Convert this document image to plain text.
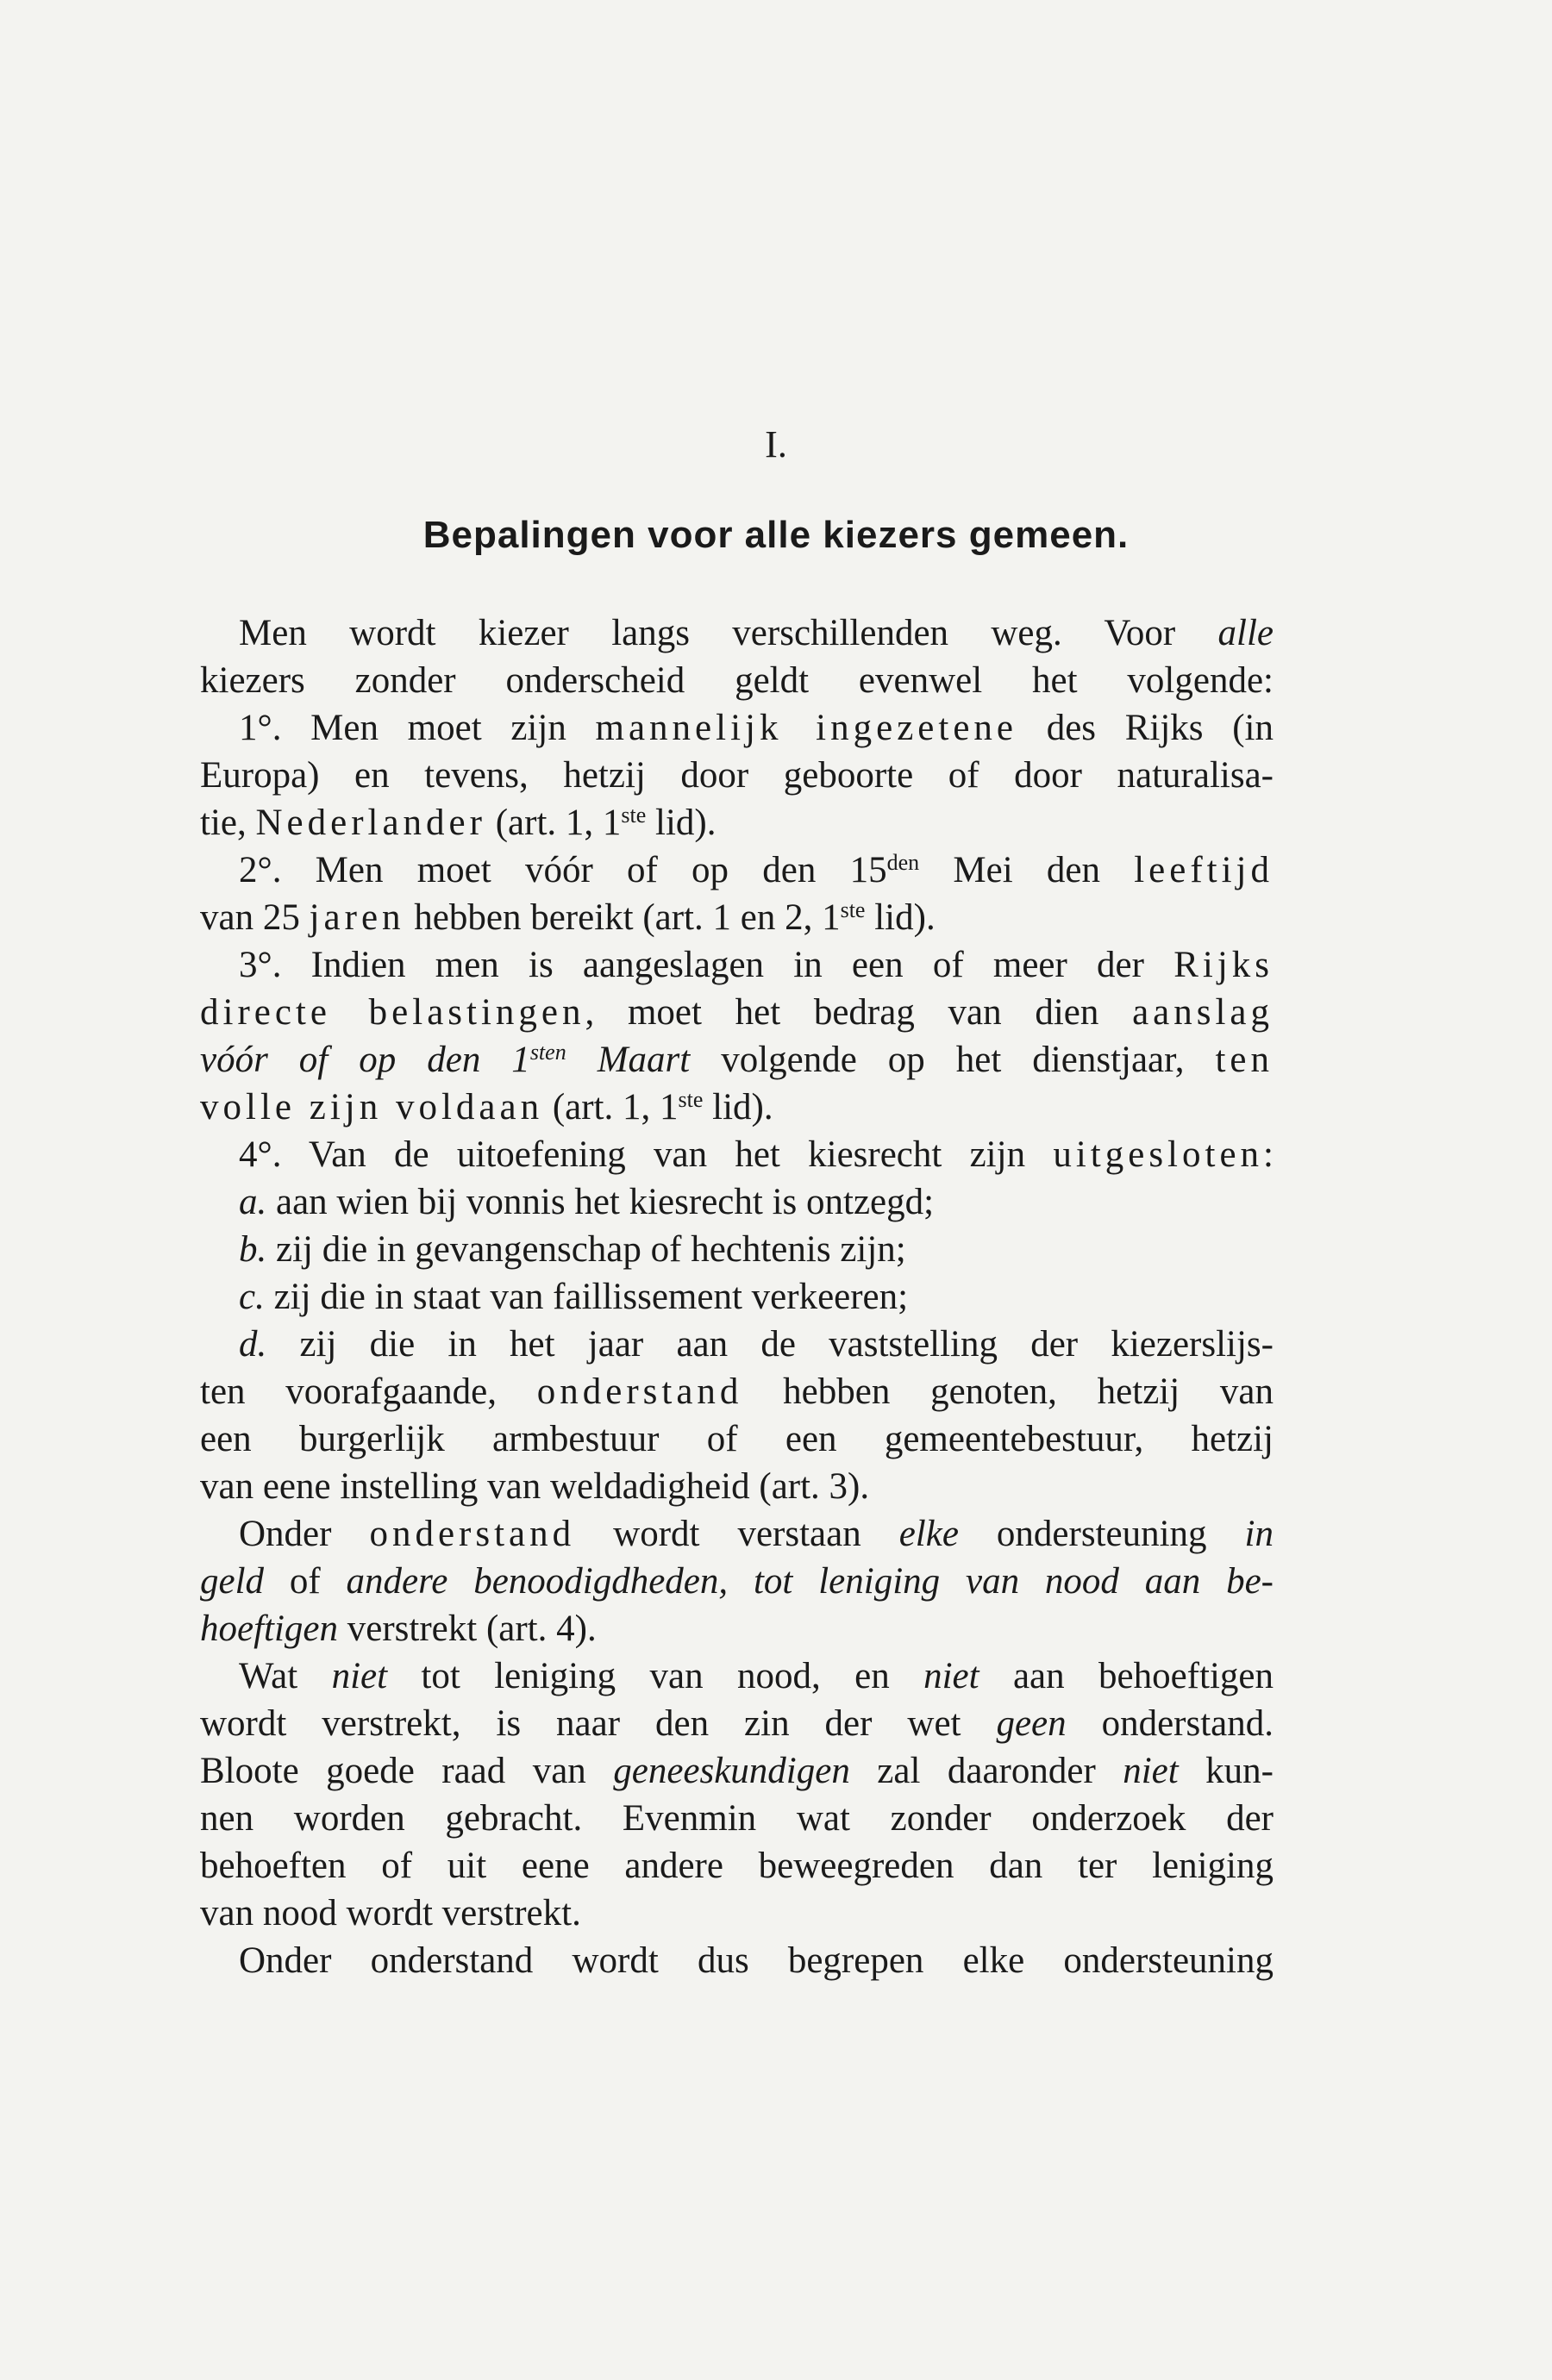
I.
Bepalingen voor alle kiezers gemeen.
Men wordt kiezer langs verschillenden weg. Voor alle
kiezers zonder onderscheid geldt evenwel het volgende:
1°. Men moet zijn mannelijk ingezetene des Rijks (in
Europa) en tevens, hetzij door geboorte of door naturalisa-
tie, Nederlander (art. 1, 1ste lid).
2°. Men moet vóór of op den $15^{den}$ Mei den leeftijd
van 25 jaren hebben bereikt (art. 1 en 2, 1ste lid).
3°. Indien men is aangeslagen in een of meer der Rijks
directe belastingen, moet het bedrag van dien aanslag
vóór of op den $1^{sten}$ Maart volgende op het dienstjaar, ten
volle zijn voldaan (art. 1, 1ste lid).
4°. Van de uitoefening van het kiesrecht zijn uitgesloten:
a. aan wien bij vonnis het kiesrecht is ontzegd;
b. zij die in gevangenschap of hechtenis zijn;
c. zij die in staat van faillissement verkeeren;
d. zij die in het jaar aan de vaststelling der kiezerslijs-
ten voorafgaande, onderstand hebben genoten, hetzij van
een burgerlijk armbestuur of een gemeentebestuur, hetzij
van eene instelling van weldadigheid (art. 3).
Onder onderstand wordt verstaan elke ondersteuning in
geld of andere benoodigdheden, tot leniging van nood aan be-
hoeftigen verstrekt (art. 4).
Wat niet tot leniging van nood, en niet aan behoeftigen
wordt verstrekt, is naar den zin der wet geen onderstand.
Bloote goede raad van geneeskundigen zal daaronder niet kun-
nen worden gebracht. Evenmin wat zonder onderzoek der
behoeften of uit eene andere beweegreden dan ter leniging
van nood wordt verstrekt.
Onder onderstand wordt dus begrepen elke ondersteuning
